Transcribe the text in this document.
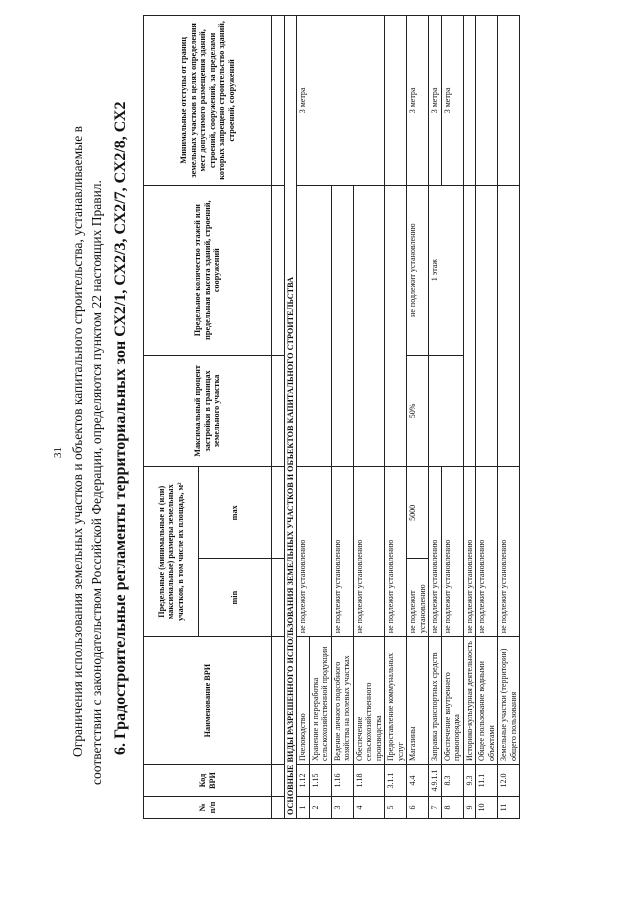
31 Ограничения использования земельных участков и объектов капитального строительства, устанавливаемые в соответствии с законодательством Российской Федерации, определяются пунктом 22 настоящих Правил. 6. Градостроительные регламенты территориальных зон СХ2/1, СХ2/3, СХ2/7, СХ2/8, СХ2
№ п/п	Код ВРИ	Наименование ВРИ	Предельные (минимальные и (или) максимальные) размеры земельных участков, в том числе их площадь, м²		Максимальный процент застройки в границах земельного участка	Предельное количество этажей или предельная высота зданий, строений, сооружений	Минимальные отступы от границ земельных участков в целях определения мест допустимого размещения зданий, строений, сооружений, за пределами которых запрещено строительство зданий, строений, сооружений
			min	max			

ОСНОВНЫЕ ВИДЫ РАЗРЕШЕННОГО ИСПОЛЬЗОВАНИЯ ЗЕМЕЛЬНЫХ УЧАСТКОВ И ОБЪЕКТОВ КАПИТАЛЬНОГО СТРОИТЕЛЬСТВА							
1	1.12	Пчеловодство	не подлежит установлению				3 метра
2	1.15	Хранение и переработка сельскохозяйственной продукции					
3	1.16	Ведение личного подсобного хозяйства на полевых участках	не подлежит установлению				
4	1.18	Обеспечение сельскохозяйственного производства	не подлежит установлению				
5	3.1.1	Предоставление коммунальных услуг	не подлежит установлению				
6	4.4	Магазины	не подлежит установлению	5000	50%	не подлежит установлению	3 метра
7	4.9.1.1	Заправка транспортных средств	не подлежит установлению			1 этаж	3 метра
8	8.3	Обеспечение внутреннего правопорядка	не подлежит установлению				3 метра
9	9.3	Историко-культурная деятельность	не подлежит установлению				
10	11.1	Общее пользование водными объектами	не подлежит установлению				
11	12.0	Земельные участки (территории) общего пользования	не подлежит установлению				
